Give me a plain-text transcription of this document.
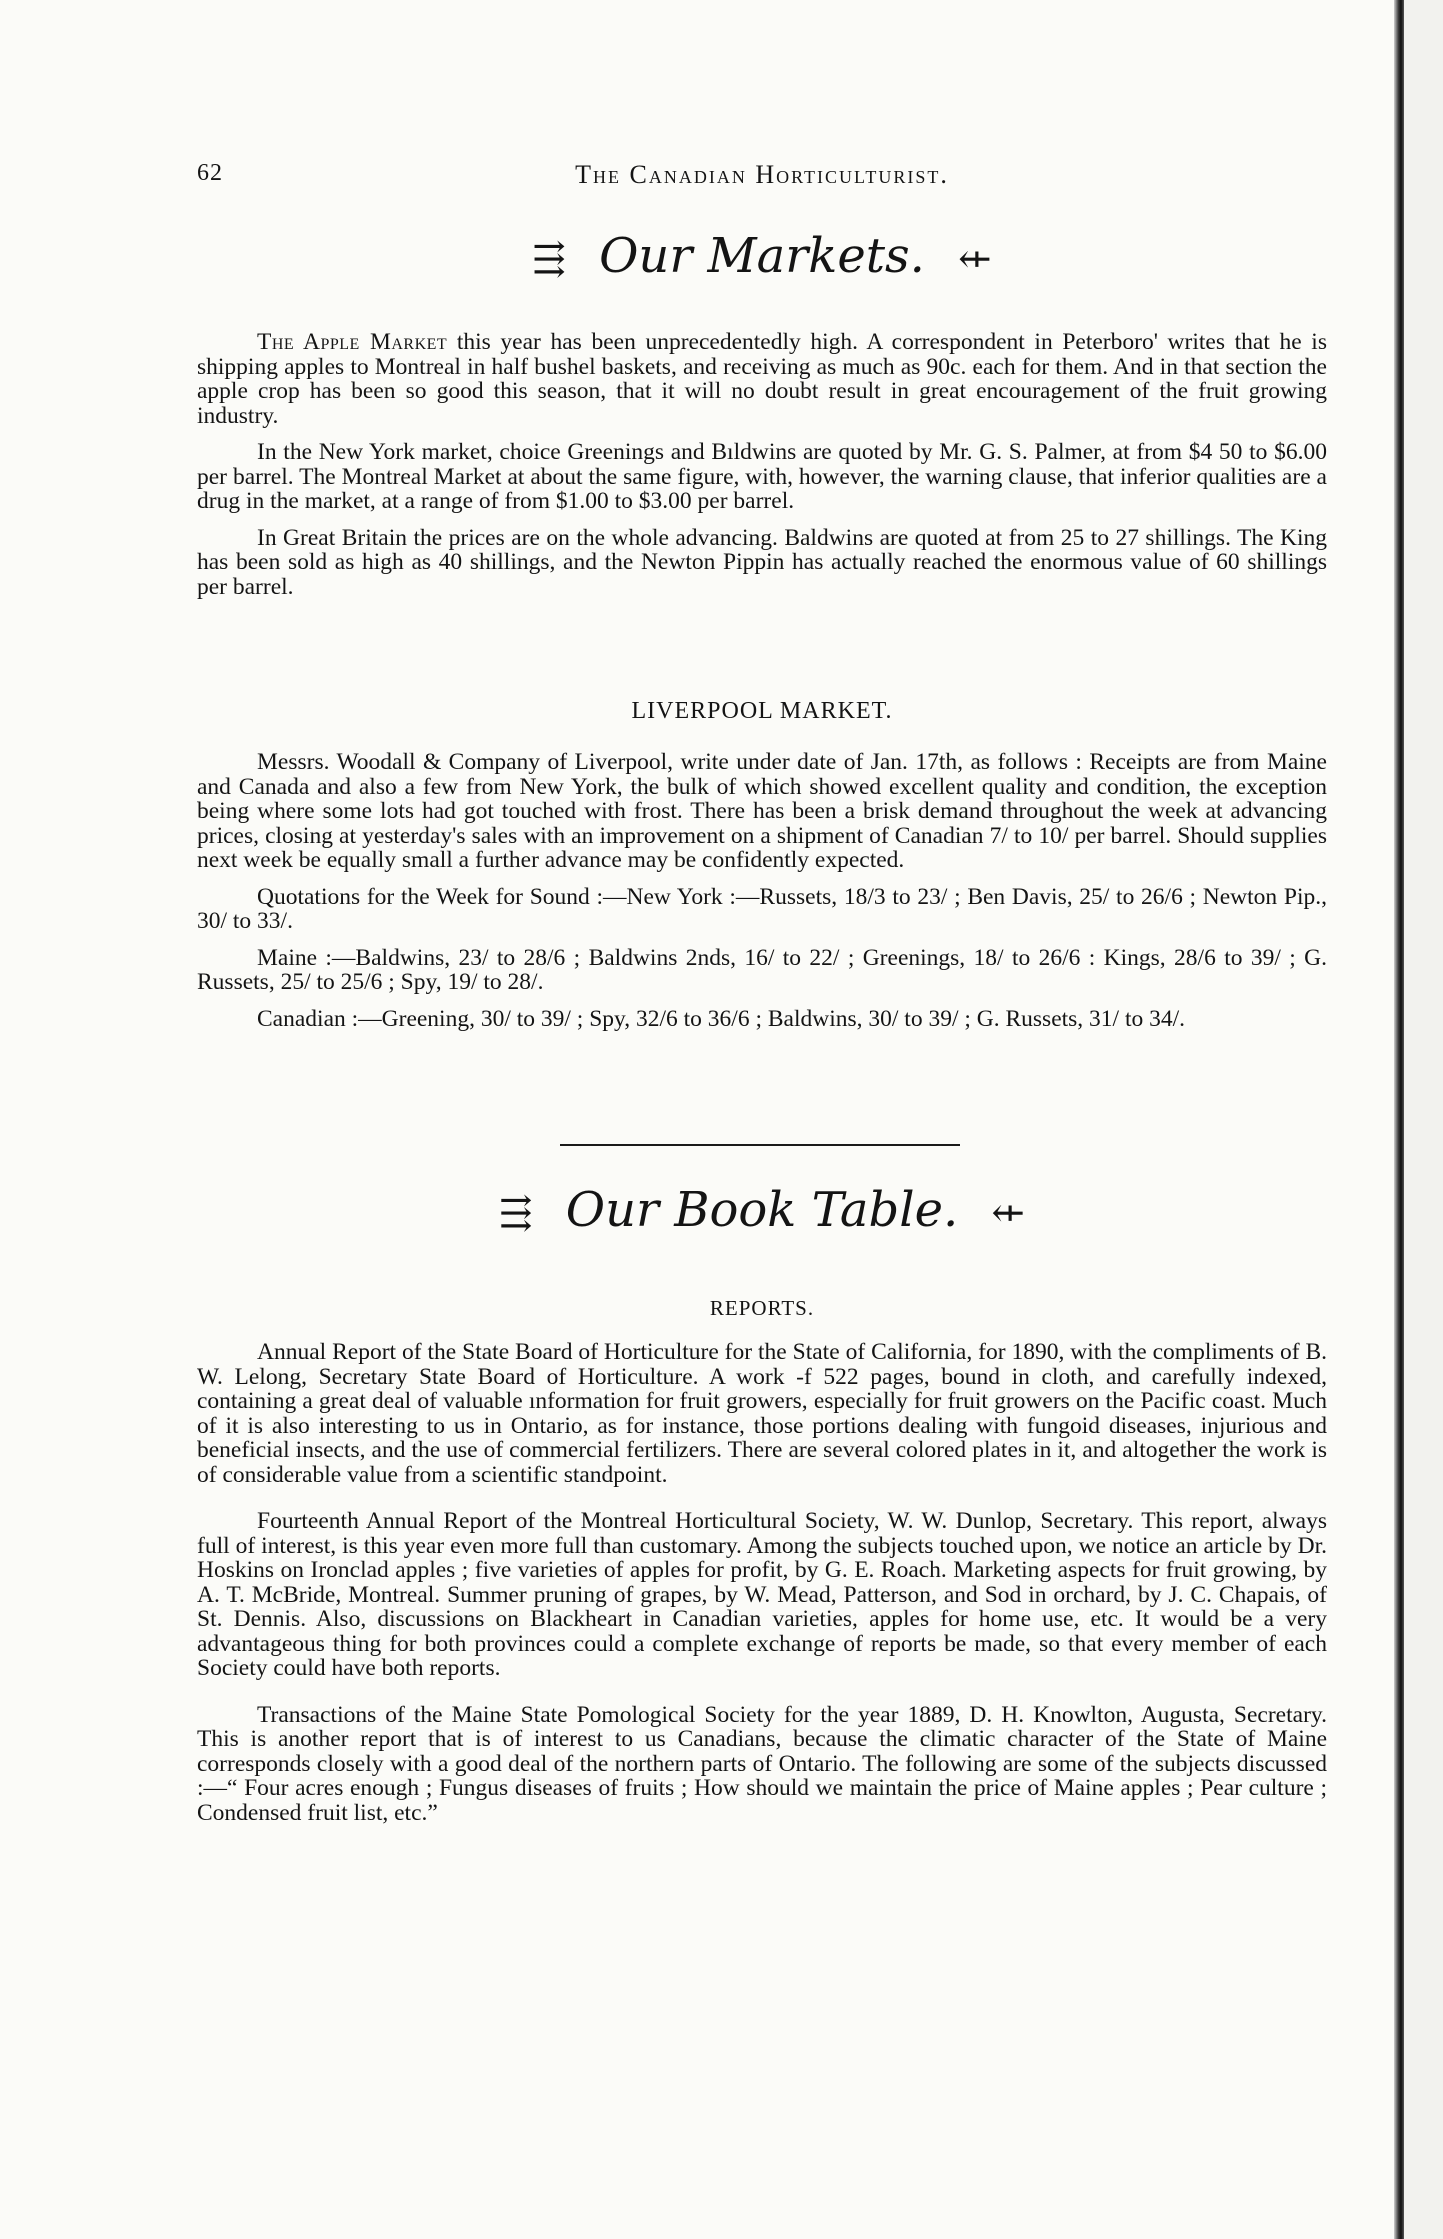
62	The Canadian Horticulturist.
⇶ Our Markets. ⇷

The Apple Market this year has been unprecedentedly high. A correspondent in Peterboro' writes that he is shipping apples to Montreal in half bushel baskets, and receiving as much as 90c. each for them. And in that section the apple crop has been so good this season, that it will no doubt result in great encouragement of the fruit growing industry.

In the New York market, choice Greenings and Bıldwins are quoted by Mr. G. S. Palmer, at from $4 50 to $6.00 per barrel. The Montreal Market at about the same figure, with, however, the warning clause, that inferior qualities are a drug in the market, at a range of from $1.00 to $3.00 per barrel.

In Great Britain the prices are on the whole advancing. Baldwins are quoted at from 25 to 27 shillings. The King has been sold as high as 40 shillings, and the Newton Pippin has actually reached the enormous value of 60 shillings per barrel.

LIVERPOOL MARKET.

Messrs. Woodall & Company of Liverpool, write under date of Jan. 17th, as follows : Receipts are from Maine and Canada and also a few from New York, the bulk of which showed excellent quality and condition, the exception being where some lots had got touched with frost. There has been a brisk demand throughout the week at advancing prices, closing at yesterday's sales with an improvement on a shipment of Canadian 7/ to 10/ per barrel. Should supplies next week be equally small a further advance may be confidently expected.

Quotations for the Week for Sound :—New York :—Russets, 18/3 to 23/ ; Ben Davis, 25/ to 26/6 ; Newton Pip., 30/ to 33/.

Maine :—Baldwins, 23/ to 28/6 ; Baldwins 2nds, 16/ to 22/ ; Greenings, 18/ to 26/6 : Kings, 28/6 to 39/ ; G. Russets, 25/ to 25/6 ; Spy, 19/ to 28/.

Canadian :—Greening, 30/ to 39/ ; Spy, 32/6 to 36/6 ; Baldwins, 30/ to 39/ ; G. Russets, 31/ to 34/.

⇶ Our Book Table. ⇷
REPORTS.

Annual Report of the State Board of Horticulture for the State of California, for 1890, with the compliments of B. W. Lelong, Secretary State Board of Horticulture. A work ‑f 522 pages, bound in cloth, and carefully indexed, containing a great deal of valuable ınformation for fruit growers, especially for fruit growers on the Pacific coast. Much of it is also interesting to us in Ontario, as for instance, those portions dealing with fungoid diseases, injurious and beneficial insects, and the use of commercial fertilizers. There are several colored plates in it, and altogether the work is of considerable value from a scientific standpoint.

Fourteenth Annual Report of the Montreal Horticultural Society, W. W. Dunlop, Secretary. This report, always full of interest, is this year even more full than customary. Among the subjects touched upon, we notice an article by Dr. Hoskins on Ironclad apples ; five varieties of apples for profit, by G. E. Roach. Marketing aspects for fruit growing, by A. T. McBride, Montreal. Summer pruning of grapes, by W. Mead, Patterson, and Sod in orchard, by J. C. Chapais, of St. Dennis. Also, discussions on Blackheart in Canadian varieties, apples for home use, etc. It would be a very advantageous thing for both provinces could a complete exchange of reports be made, so that every member of each Society could have both reports.

Transactions of the Maine State Pomological Society for the year 1889, D. H. Knowlton, Augusta, Secretary. This is another report that is of interest to us Canadians, because the climatic character of the State of Maine corresponds closely with a good deal of the northern parts of Ontario. The following are some of the subjects discussed :—“ Four acres enough ; Fungus diseases of fruits ; How should we maintain the price of Maine apples ; Pear culture ; Condensed fruit list, etc.”
